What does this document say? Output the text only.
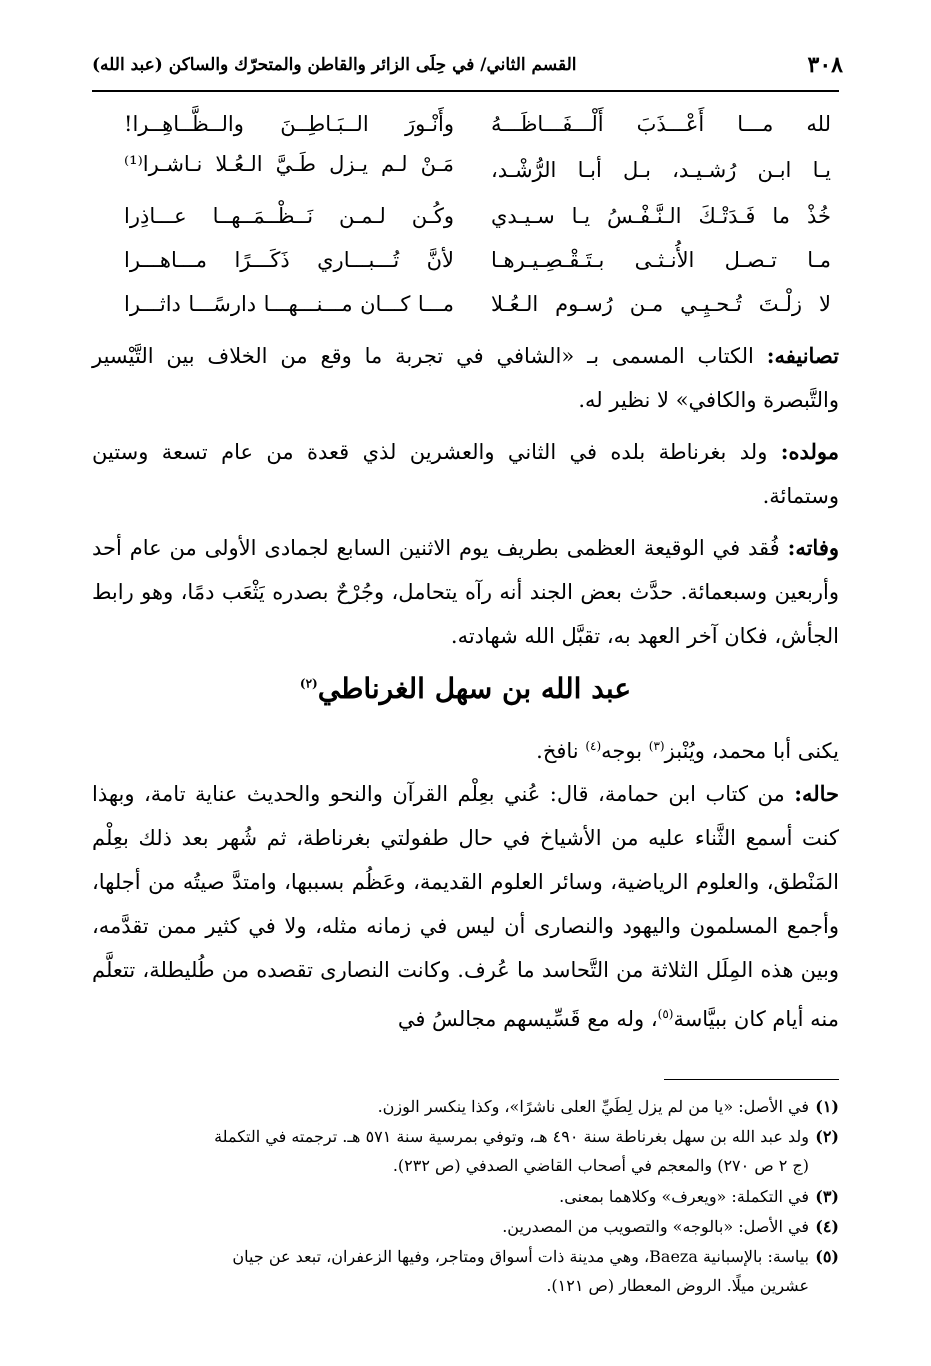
٣٠٨
القسم الثاني/ في حِلَى الزائر والقاطن والمتحرّك والساكن (عبد الله)
لله مـــا أَعْـــذَبَ أَلْـــفَـــاظَـــهُ
وأَنْـورَ الــبَـاطِــنَ والــظَّــاهِــرا!
يـا ابـن رُشـيـد، بـل أبـا الرُّشْـد،
مَـنْ لـم يـزل طَـيَّ الـعُـلا نـاشـرا⁽¹⁾
خُذْ ما فَـدَتْـكَ الـنَّـفْـسُ يـا سـيـدي
وكُـن لـمـن نَــظْــمَــهــا عـــاذِرا
مـا تـصـل الأُنـثـى بـتَـقْـصِـيـرهـا
لأنَّ تُـــبـــاري ذَكَـــرًا مـــاهـــرا
لا زلْـتَ تُـحـيِـي مـن رُسـوم الـعُـلا
مـــا كـــان مـــنـــهـــا دارسًـــا داثـــرا
تصانيفه: الكتاب المسمى بـ «الشافي في تجربة ما وقع من الخلاف بين التَّيْسير والتَّبصرة والكافي» لا نظير له.
مولده: ولد بغرناطة بلده في الثاني والعشرين لذي قعدة من عام تسعة وستين وستمائة.
وفاته: فُقد في الوقيعة العظمى بطريف يوم الاثنين السابع لجمادى الأولى من عام أحد وأربعين وسبعمائة. حدَّث بعض الجند أنه رآه يتحامل، وجُرْحٌ بصدره يَثْعَب دمًا، وهو رابط الجأش، فكان آخر العهد به، تقبَّل الله شهادته.
عبد الله بن سهل الغرناطي$^{(٢)}$
يكنى أبا محمد، ويُنْبز$^{(٣)}$ بوجه$^{(٤)}$ نافخ.
حاله: من كتاب ابن حمامة، قال: عُني بعِلْم القرآن والنحو والحديث عناية تامة، وبهذا كنت أسمع الثَّناء عليه من الأشياخ في حال طفولتي بغرناطة، ثم شُهر بعد ذلك بعِلْم المَنْطق، والعلوم الرياضية، وسائر العلوم القديمة، وعَظُم بسببها، وامتدَّ صيتُه من أجلها، وأجمع المسلمون واليهود والنصارى أن ليس في زمانه مثله، ولا في كثير ممن تقدَّمه، وبين هذه المِلَل الثلاثة من التَّحاسد ما عُرف. وكانت النصارى تقصده من طُليطلة، تتعلَّم منه أيام كان ببيَّاسة$^{(٥)}$، وله مع قَسِّيسهم مجالسُ في
(١)في الأصل: «يا من لم يزل لِطَيِّ العلى ناشرًا»، وكذا ينكسر الوزن.
(٢)ولد عبد الله بن سهل بغرناطة سنة ٤٩٠ هـ، وتوفي بمرسية سنة ٥٧١ هـ. ترجمته في التكملة
(ج ٢ ص ٢٧٠) والمعجم في أصحاب القاضي الصدفي (ص ٢٣٢).
(٣)في التكملة: «ويعرف» وكلاهما بمعنى.
(٤)في الأصل: «بالوجه» والتصويب من المصدرين.
(٥)بياسة: بالإسبانية Baeza، وهي مدينة ذات أسواق ومتاجر، وفيها الزعفران، تبعد عن جيان
عشرين ميلًا. الروض المعطار (ص ١٢١).
